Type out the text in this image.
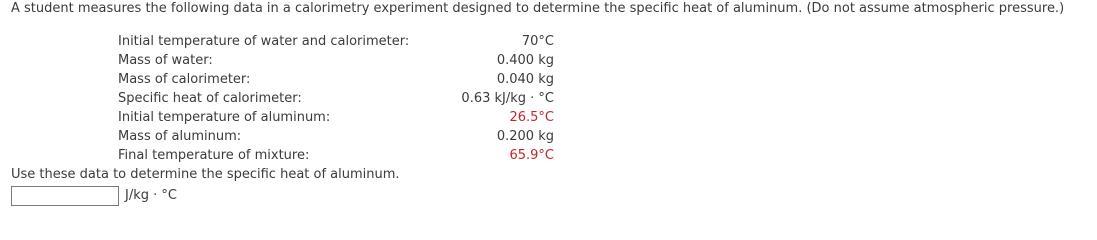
A student measures the following data in a calorimetry experiment designed to determine the specific heat of aluminum. (Do not assume atmospheric pressure.)
Initial temperature of water and calorimeter:	70°C
Mass of water:	0.400 kg
Mass of calorimeter:	0.040 kg
Specific heat of calorimeter:	0.63 kJ/kg · °C
Initial temperature of aluminum:	26.5°C
Mass of aluminum:	0.200 kg
Final temperature of mixture:	65.9°C
Use these data to determine the specific heat of aluminum.
J/kg · °C
